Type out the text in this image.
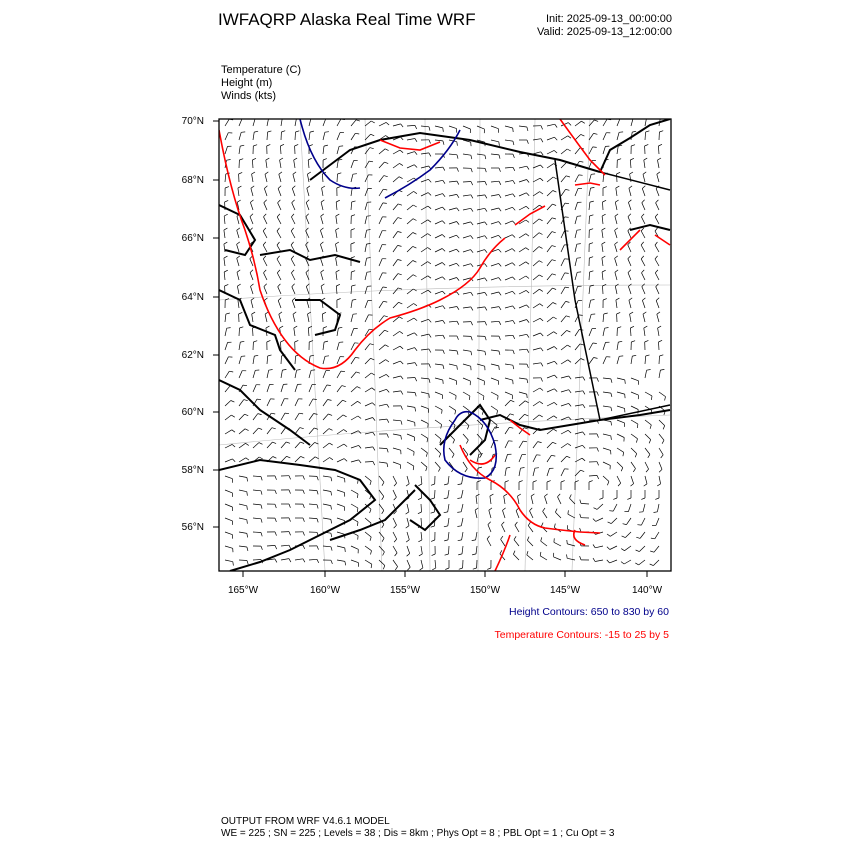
IWFAQRP Alaska Real Time WRF	Init: 2025-09-13_00:00:00
Valid: 2025-09-13_12:00:00
Temperature (C)
Height (m)
Winds (kts)
70°N
68°N
66°N
64°N
62°N
60°N
58°N
56°N
165°W	160°W	155°W	150°W	145°W	140°W
Height Contours: 650 to 830 by 60
Temperature Contours: -15 to 25 by 5
OUTPUT FROM WRF V4.6.1 MODEL
WE = 225 ; SN = 225 ; Levels = 38 ; Dis = 8km ; Phys Opt = 8 ; PBL Opt = 1 ; Cu Opt = 3
